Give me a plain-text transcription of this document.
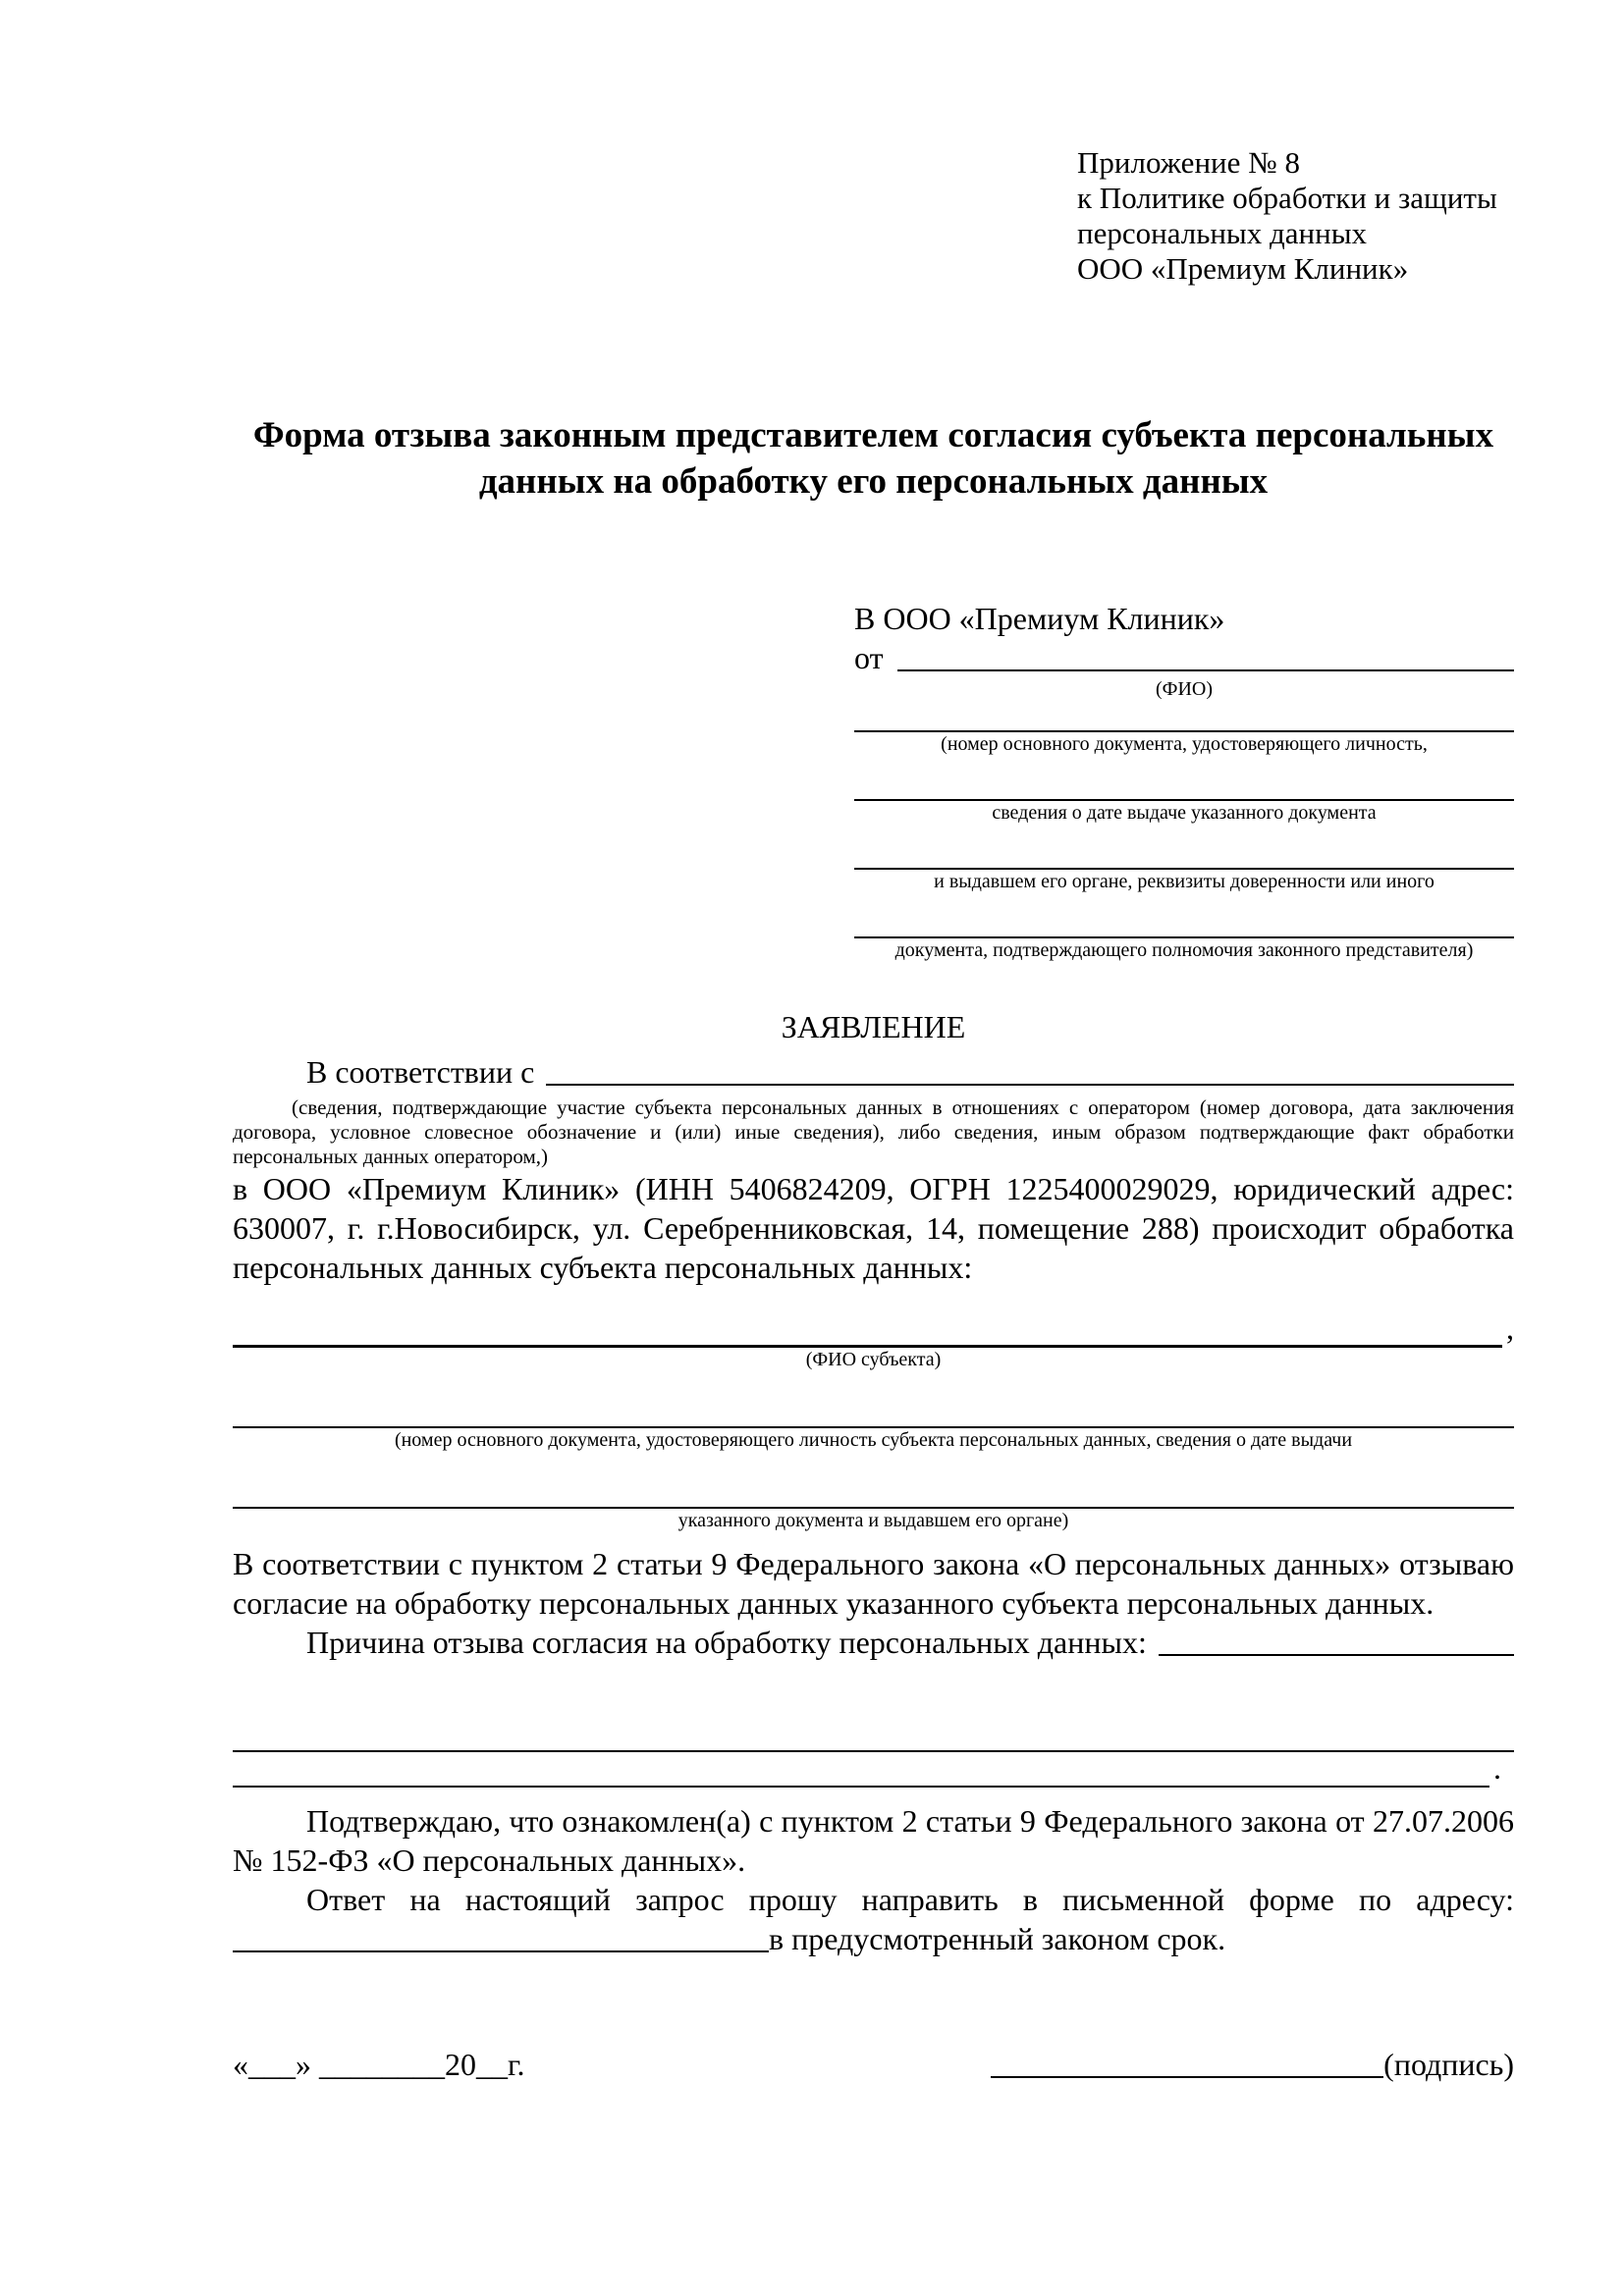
Приложение № 8
к Политике обработки и защиты
персональных данных
ООО «Премиум Клиник»
Форма отзыва законным представителем согласия субъекта персональных данных на обработку его персональных данных
В ООО «Премиум Клиник»
от

(ФИО)

(номер основного документа, удостоверяющего личность,

сведения о дате выдаче указанного документа

и выдавшем его органе, реквизиты доверенности или иного

документа, подтверждающего полномочия законного представителя)

ЗАЯВЛЕНИЕ

В соответствии с

(сведения, подтверждающие участие субъекта персональных данных в отношениях с оператором (номер договора, дата заключения договора, условное словесное обозначение и (или) иные сведения), либо сведения, иным образом подтверждающие факт обработки персональных данных оператором,)

в ООО «Премиум Клиник» (ИНН 5406824209, ОГРН 1225400029029, юридический адрес: 630007, г. г.Новосибирск, ул. Серебренниковская, 14, помещение 288) происходит обработка персональных данных субъекта персональных данных:

,

(ФИО субъекта)

(номер основного документа, удостоверяющего личность субъекта персональных данных, сведения о дате выдачи

указанного документа и выдавшем его органе)

В соответствии с пунктом 2 статьи 9 Федерального закона «О персональных данных» отзываю согласие на обработку персональных данных указанного субъекта персональных данных.

Причина отзыва согласия на обработку персональных данных:
.

Подтверждаю, что ознакомлен(а) с пунктом 2 статьи 9 Федерального закона от 27.07.2006 № 152-ФЗ «О персональных данных».

Ответ на настоящий запрос прошу направить в письменной форме по адресу:
в предусмотренный законом срок.
«___» ________20__г.	(подпись)
